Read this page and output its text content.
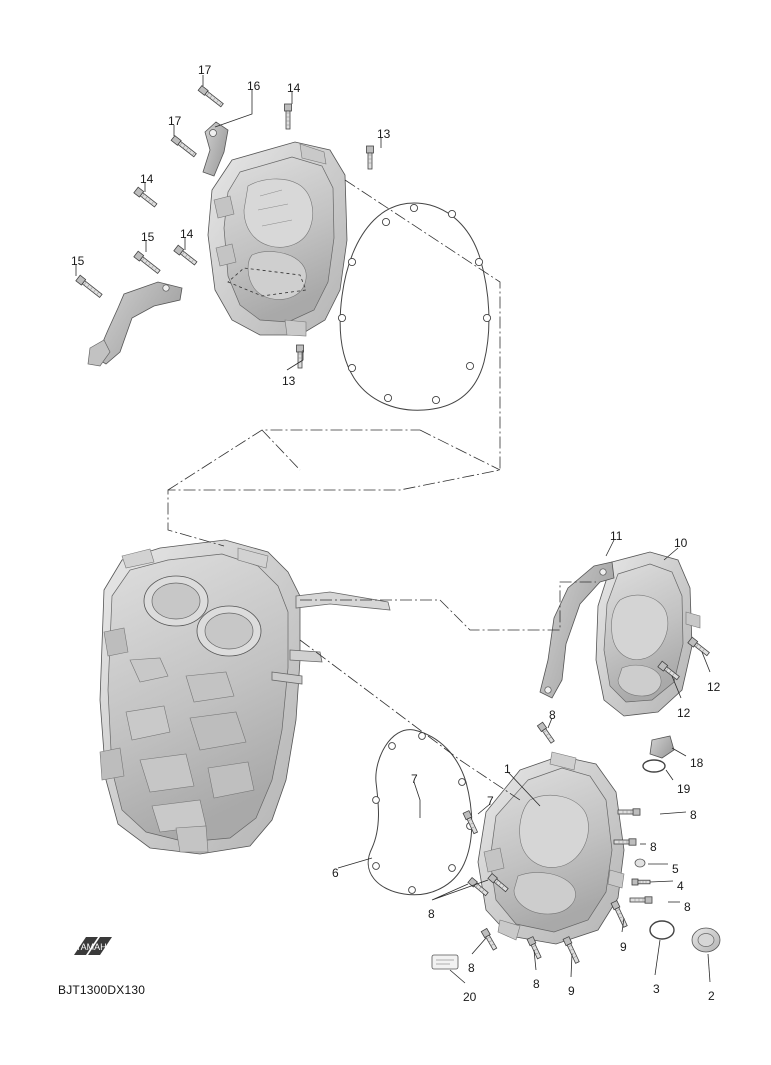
YAMAHA
17
16 14
17
13
14
15 14
15
13
11	10
12
12
8
18
19
7
1
7
8
8
6	5
4
8
8
9
8
8 9
20
3	2
BJT1300DX130
